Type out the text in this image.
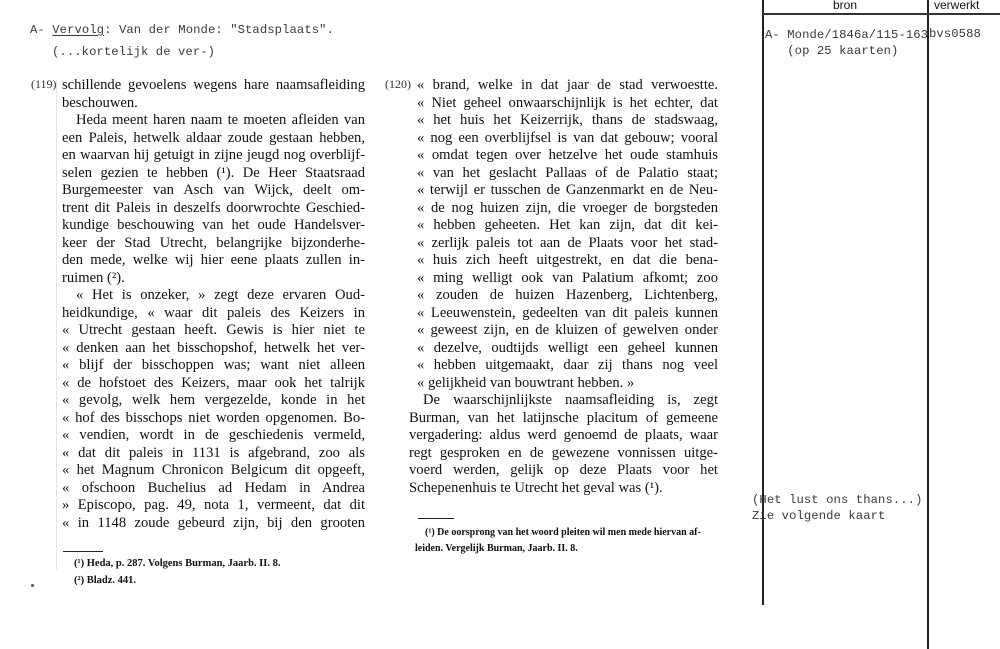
A- Vervolg: Van der Monde: "Stadsplaats".
(...kortelijk de ver-)
bron	verwerkt
A- Monde/1846a/115-163
(op 25 kaarten)
bvs0588
(Het lust ons thans...)
Zie volgende kaart
(119)	(120)
schillende gevoelens wegens hare naamsafleiding
beschouwen.
Heda meent haren naam te moeten afleiden van
een Paleis, hetwelk aldaar zoude gestaan hebben,
en waarvan hij getuigt in zijne jeugd nog overblijf-
selen gezien te hebben (¹). De Heer Staatsraad
Burgemeester van Asch van Wijck, deelt om-
trent dit Paleis in deszelfs doorwrochte Geschied-
kundige beschouwing van het oude Handelsver-
keer der Stad Utrecht, belangrijke bijzonderhe-
den mede, welke wij hier eene plaats zullen in-
ruimen (²).
« Het is onzeker, » zegt deze ervaren Oud-
heidkundige, « waar dit paleis des Keizers in
« Utrecht gestaan heeft. Gewis is hier niet te
« denken aan het bisschopshof, hetwelk het ver-
« blijf der bisschoppen was; want niet alleen
« de hofstoet des Keizers, maar ook het talrijk
« gevolg, welk hem vergezelde, konde in het
« hof des bisschops niet worden opgenomen. Bo-
« vendien, wordt in de geschiedenis vermeld,
« dat dit paleis in 1131 is afgebrand, zoo als
« het Magnum Chronicon Belgicum dit opgeeft,
« ofschoon Buchelius ad Hedam in Andrea
» Episcopo, pag. 49, nota 1, vermeent, dat dit
« in 1148 zoude gebeurd zijn, bij den grooten
(¹) Heda, p. 287. Volgens Burman, Jaarb. II. 8.
(²) Bladz. 441.
« brand, welke in dat jaar de stad verwoestte.
« Niet geheel onwaarschijnlijk is het echter, dat
« het huis het Keizerrijk, thans de stadswaag,
« nog een overblijfsel is van dat gebouw; vooral
« omdat tegen over hetzelve het oude stamhuis
« van het geslacht Pallaas of de Palatio staat;
« terwijl er tusschen de Ganzenmarkt en de Neu-
« de nog huizen zijn, die vroeger de borgsteden
« hebben geheeten. Het kan zijn, dat dit kei-
« zerlijk paleis tot aan de Plaats voor het stad-
« huis zich heeft uitgestrekt, en dat die bena-
« ming welligt ook van Palatium afkomt; zoo
« zouden de huizen Hazenberg, Lichtenberg,
« Leeuwenstein, gedeelten van dit paleis kunnen
« geweest zijn, en de kluizen of gewelven onder
« dezelve, oudtijds welligt een geheel kunnen
« hebben uitgemaakt, daar zij thans nog veel
« gelijkheid van bouwtrant hebben. »
De waarschijnlijkste naamsafleiding is, zegt
Burman, van het latijnsche placitum of gemeene
vergadering: aldus werd genoemd de plaats, waar
regt gesproken en de gewezene vonnissen uitge-
voerd werden, gelijk op deze Plaats voor het
Schepenenhuis te Utrecht het geval was (¹).
(¹) De oorsprong van het woord pleiten wil men mede hiervan af-
leiden. Vergelijk Burman, Jaarb. II. 8.
